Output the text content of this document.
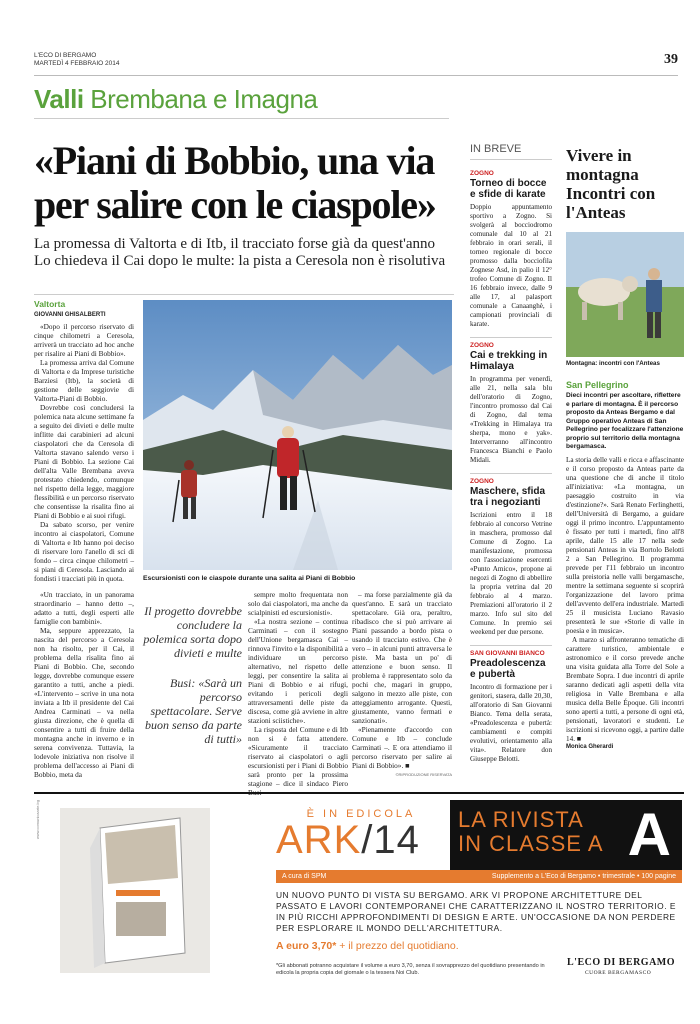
L'ECO DI BERGAMO
MARTEDÌ 4 FEBBRAIO 2014	39
Valli Brembana e Imagna
«Piani di Bobbio, una via per salire con le ciaspole»
La promessa di Valtorta e di Itb, il tracciato forse già da quest'anno Lo chiedeva il Cai dopo le multe: la pista a Ceresola non è risolutiva
Valtorta
GIOVANNI GHISALBERTI

«Dopo il percorso riservato di cinque chilometri a Ceresola, arriverà un tracciato ad hoc anche per risalire ai Piani di Bobbio».

La promessa arriva dal Comune di Valtorta e da Imprese turistiche Barziesi (Itb), la società di gestione delle seggiovie di Valtorta-Piani di Bobbio.

Dovrebbe così concludersi la polemica nata alcune settimane fa a seguito dei divieti e delle multe inflitte dai carabinieri ad alcuni ciaspolatori che da Ceresola di Valtorta stavano salendo verso i Piani di Bobbio. La sezione Cai dell'alta Valle Brembana aveva protestato chiedendo, comunque nel rispetto della legge, maggiore flessibilità e un percorso riservato che consentisse la risalita fino ai Piani di Bobbio e ai suoi rifugi.

Da sabato scorso, per venire incontro ai ciaspolatori, Comune di Valtorta e Itb hanno poi deciso di riservare loro l'anello di sci di fondo – circa cinque chilometri – si piani di Ceresola. Lasciando ai fondisti i tracciati più in quota.	Escursionisti con le ciaspole durante una salita ai Piani di Bobbio

«Un tracciato, in un panorama straordinario – hanno detto –, adatto a tutti, degli esperti alle famiglie con bambini».

Ma, seppure apprezzato, la nascita del percorso a Ceresola non ha risolto, per il Cai, il problema della risalita fino ai Piani di Bobbio. Che, secondo legge, dovrebbe comunque essere garantito a tutti, anche a piedi. «L'intervento – scrive in una nota inviata a Itb il presidente del Cai Andrea Carminati – va nella giusta direzione, che è quella di consentire a tutti di fruire della montagna anche in inverno e in serena convivenza. Tuttavia, la lodevole iniziativa non risolve il problema dell'accesso ai Piani di Bobbio, meta da

Il progetto dovrebbe concludere la polemica sorta dopo divieti e multe
Busi: «Sarà un percorso spettacolare. Serve buon senso da parte di tutti»

sempre molto frequentata non solo dai ciaspolatori, ma anche da scialpinisti ed escursionisti».

«La nostra sezione – continua Carminati – con il sostegno dell'Unione bergamasca Cai – rinnova l'invito e la disponibilità a individuare un percorso alternativo, nel rispetto delle leggi, per consentire la salita ai Piani di Bobbio e ai rifugi, evitando i pericoli degli attraversamenti delle piste da discesa, come già avviene in altre stazioni sciistiche».

La risposta del Comune e di Itb non si è fatta attendere. «Sicuramente il tracciato riservato ai ciaspolatori o agli escursionisti per i Piani di Bobbio sarà pronto per la prossima stagione – dice il sindaco Piero Busi

– ma forse parzialmente già da quest'anno. E sarà un tracciato spettacolare. Già ora, peraltro, ribadisco che si può arrivare ai Piani passando a bordo pista o usando il tracciato estivo. Che è vero – in alcuni punti attraversa le piste. Ma basta un po' di attenzione e buon senso. Il problema è rappresentato solo da pochi che, magari in gruppo, salgono in mezzo alle piste, con atteggiamento arrogante. Questi, giustamente, vanno fermati e sanzionati».

«Pienamente d'accordo con Comune e Itb – conclude Carminati –. E ora attendiamo il percorso riservato per salire ai Piani di Bobbio». ■

©RIPRODUZIONE RISERVATA
IN BREVE
ZOGNO
Torneo di bocce e sfide di karate
Doppio appuntamento sportivo a Zogno. Si svolgerà al bocciodromo comunale dal 10 al 21 febbraio in orari serali, il torneo regionale di bocce promosso dalla bocciofila Zognese Asd, in palio il 12° trofeo Comune di Zogno. Il 16 febbraio invece, dalle 9 alle 17, al palasport comunale a Canaanghè, i campionati provinciali di karate.
ZOGNO
Cai e trekking in Himalaya
In programma per venerdì, alle 21, nella sala blu dell'oratorio di Zogno, l'incontro promosso dal Cai di Zogno, dal tema «Trekking in Himalaya tra sherpa, mono e yak». Interverranno all'incontro Francesca Bianchi e Paolo Midali.
ZOGNO
Maschere, sfida tra i negozianti
Iscrizioni entro il 18 febbraio al concorso Vetrine in maschera, promosso dal Comune di Zogno. La manifestazione, promossa con l'associazione esercenti «Punto Amico», propone ai negozi di Zogno di abbellire la propria vetrina dal 20 febbraio al 4 marzo. Premiazioni all'oratorio il 2 marzo. Info sul sito del Comune. In premio sei weekend per due persone.
SAN GIOVANNI BIANCO
Preadolescenza e pubertà
Incontro di formazione per i genitori, stasera, dalle 20,30, all'oratorio di San Giovanni Bianco. Tema della serata, «Preadolescenza e pubertà: cambiamenti e compiti evolutivi, orientamento alla vita». Relatore don Giuseppe Belotti.
Vivere in montagna Incontri con l'Anteas
Montagna: incontri con l'Anteas
San Pellegrino
Dieci incontri per ascoltare, riflettere e parlare di montagna. È il percorso proposto da Anteas Bergamo e dal Gruppo operativo Anteas di San Pellegrino per focalizzare l'attenzione proprio sul territorio della montagna bergamasca.
La storia delle valli e ricca e affascinante e il corso proposto da Anteas parte da una questione che di anche il titolo all'iniziativa: «La montagna, un paesaggio costruito in via d'estinzione?». Sarà Renato Ferlinghetti, dell'Università di Bergamo, a guidare oggi il primo incontro. L'appuntamento è fissato per tutti i martedì, fino all'8 aprile, dalle 15 alle 17 nella sede pensionati Anteas in via Bortolo Belotti 2 a San Pellegrino. Il programma prevede per l'11 febbraio un incontro sulla preistoria nelle valli bergamasche, mentre la settimana seguente si scoprirà l'organizzazione del lavoro prima dell'avvento dell'era industriale. Martedì 25 il musicista Luciano Ravasio presenterà le sue «Storie di valle in poesia e in musica».
A marzo si affronteranno tematiche di carattere turistico, ambientale e astronomico e il corso prevede anche una visita guidata alla Torre del Sole a Brembate Sopra. I due incontri di aprile saranno dedicati agli aspetti della vita religiosa in Valle Brembana e alla musica della Belle Époque. Gli incontri sono aperti a tutti, a persone di ogni età, pensionati, lavoratori e studenti. Le iscrizioni si ricevono oggi, a partire dalle 14. ■
Monica Gherardi
www.comunicaarte.bg	È IN EDICOLA
ARK/14 LA RIVISTA IN CLASSE A A
A cura di SPM	Supplemento a L'Eco di Bergamo • trimestrale • 100 pagine
UN NUOVO PUNTO DI VISTA SU BERGAMO. ARK VI PROPONE ARCHITETTURE DEL PASSATO E LAVORI CONTEMPORANEI CHE CARATTERIZZANO IL NOSTRO TERRITORIO. E IN PIÙ RICCHI APPROFONDIMENTI DI DESIGN E ARTE. UN'OCCASIONE DA NON PERDERE PER ESPLORARE IL MONDO DELL'ARCHITETTURA.
A euro 3,70* + il prezzo del quotidiano.
*Gli abbonati potranno acquistare il volume a euro 3,70, senza il sovrapprezzo del quotidiano presentando in edicola la propria copia del giornale o la tessera Noi Club.
L'ECO DI BERGAMO
CUORE BERGAMASCO
